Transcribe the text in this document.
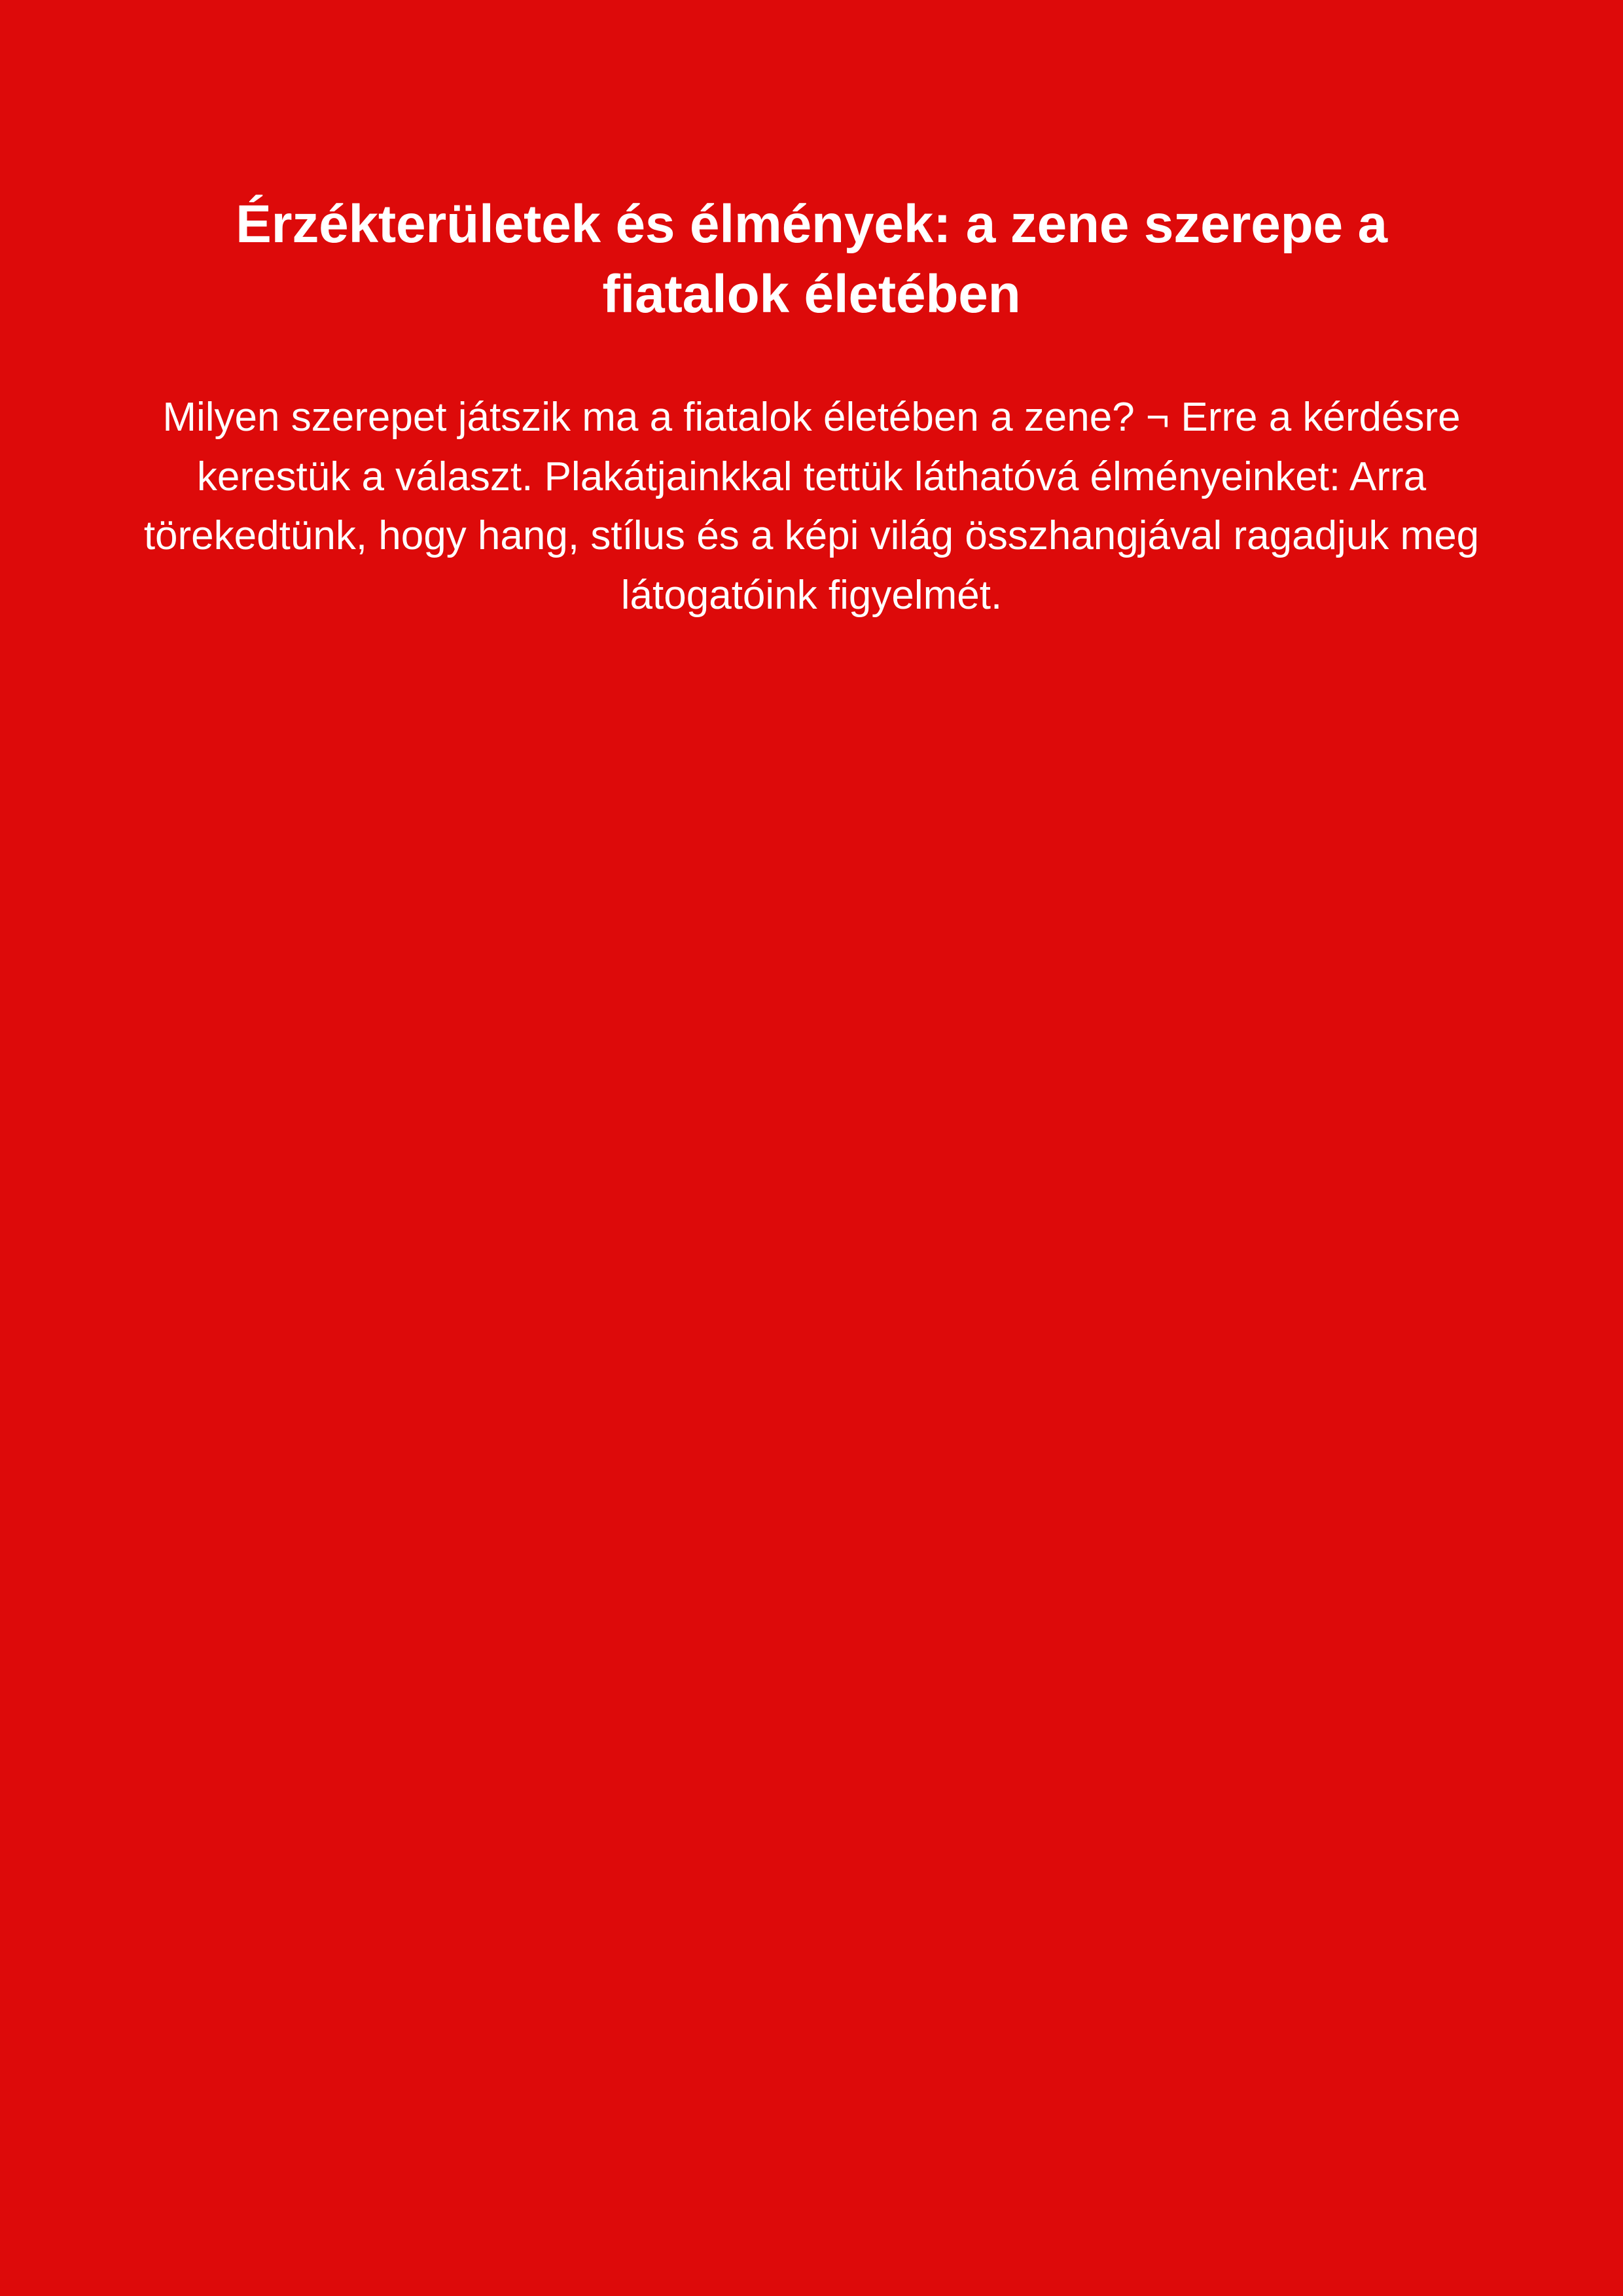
Érzékterületek és élmények: a zene szerepe a fiatalok életében

Milyen szerepet játszik ma a fiatalok életében a zene? ¬ Erre a kérdésre kerestük a választ. Plakátjainkkal tettük láthatóvá élményeinket: Arra törekedtünk, hogy hang, stílus és a képi világ összhangjával ragadjuk meg látogatóink figyelmét.
